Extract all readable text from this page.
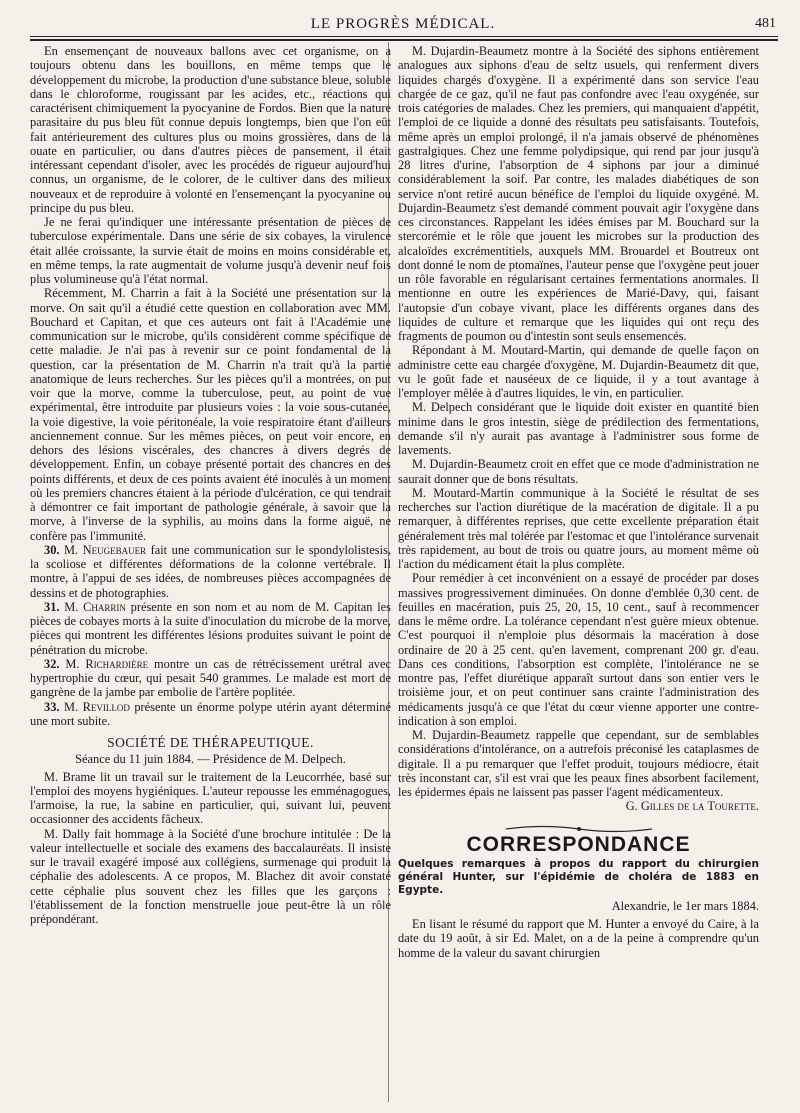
LE PROGRÈS MÉDICAL.	481

En ensemençant de nouveaux ballons avec cet organisme, on a toujours obtenu dans les bouillons, en même temps que le développement du microbe, la production d'une substance bleue, soluble dans le chloroforme, rougissant par les acides, etc., réactions qui caractérisent chimiquement la pyocyanine de Fordos. Bien que la nature parasitaire du pus bleu fût connue depuis longtemps, bien que l'on eût fait antérieurement des cultures plus ou moins grossières, dans de la ouate en particulier, ou dans d'autres pièces de pansement, il était intéressant cependant d'isoler, avec les procédés de rigueur aujourd'hui connus, un organisme, de le colorer, de le cultiver dans des milieux nouveaux et de reproduire à volonté en l'ensemençant la pyocyanine ou principe du pus bleu.

Je ne ferai qu'indiquer une intéressante présentation de pièces de tuberculose expérimentale. Dans une série de six cobayes, la virulence était allée croissante, la survie était de moins en moins considérable et, en même temps, la rate augmentait de volume jusqu'à devenir neuf fois plus volumineuse qu'à l'état normal.

Récemment, M. Charrin a fait à la Société une présentation sur la morve. On sait qu'il a étudié cette question en collaboration avec MM. Bouchard et Capitan, et que ces auteurs ont fait à l'Académie une communication sur le microbe, qu'ils considèrent comme spécifique de cette maladie. Je n'ai pas à revenir sur ce point fondamental de la question, car la présentation de M. Charrin n'a trait qu'à la partie anatomique de leurs recherches. Sur les pièces qu'il a montrées, on put voir que la morve, comme la tuberculose, peut, au point de vue expérimental, être introduite par plusieurs voies : la voie sous-cutanée, la voie digestive, la voie péritonéale, la voie respiratoire étant d'ailleurs anciennement connue. Sur les mêmes pièces, on peut voir encore, en dehors des lésions viscérales, des chancres à divers degrés de développement. Enfin, un cobaye présenté portait des chancres en des points différents, et deux de ces points avaient été inoculés à un moment où les premiers chancres étaient à la période d'ulcération, ce qui tendrait à démontrer ce fait important de pathologie générale, à savoir que la morve, à l'inverse de la syphilis, au moins dans la forme aiguë, ne confère pas l'immunité.

30. M. Neugebauer fait une communication sur le spondylolistesis, la scoliose et différentes déformations de la colonne vertébrale. Il montre, à l'appui de ses idées, de nombreuses pièces accompagnées de dessins et de photographies.

31. M. Charrin présente en son nom et au nom de M. Capitan les pièces de cobayes morts à la suite d'inoculation du microbe de la morve, pièces qui montrent les différentes lésions produites suivant le point de pénétration du microbe.

32. M. Richardière montre un cas de rétrécissement urétral avec hypertrophie du cœur, qui pesait 540 grammes. Le malade est mort de gangrène de la jambe par embolie de l'artère poplitée.

33. M. Revillod présente un énorme polype utérin ayant déterminé une mort subite.

SOCIÉTÉ DE THÉRAPEUTIQUE.
Séance du 11 juin 1884. — Présidence de M. Delpech.

M. Brame lit un travail sur le traitement de la Leucorrhée, basé sur l'emploi des moyens hygiéniques. L'auteur repousse les emménagogues, l'armoise, la rue, la sabine en particulier, qui, suivant lui, peuvent occasionner des accidents fâcheux.

M. Dally fait hommage à la Société d'une brochure intitulée : De la valeur intellectuelle et sociale des examens des baccalauréats. Il insiste sur le travail exagéré imposé aux collégiens, surmenage qui produit la céphalie des adolescents. A ce propos, M. Blachez dit avoir constaté cette céphalie plus souvent chez les filles que les garçons : l'établissement de la fonction menstruelle joue peut-être là un rôle prépondérant.

M. Dujardin-Beaumetz montre à la Société des siphons entièrement analogues aux siphons d'eau de seltz usuels, qui renferment divers liquides chargés d'oxygène. Il a expérimenté dans son service l'eau chargée de ce gaz, qu'il ne faut pas confondre avec l'eau oxygénée, sur trois catégories de malades. Chez les premiers, qui manquaient d'appétit, l'emploi de ce liquide a donné des résultats peu satisfaisants. Toutefois, même après un emploi prolongé, il n'a jamais observé de phénomènes gastralgiques. Chez une femme polydipsique, qui rend par jour jusqu'à 28 litres d'urine, l'absorption de 4 siphons par jour a diminué considérablement la soif. Par contre, les malades diabétiques de son service n'ont retiré aucun bénéfice de l'emploi du liquide oxygéné. M. Dujardin-Beaumetz s'est demandé comment pouvait agir l'oxygène dans ces circonstances. Rappelant les idées émises par M. Bouchard sur la stercorémie et le rôle que jouent les microbes sur la production des alcaloïdes excrémentitiels, auxquels MM. Brouardel et Boutreux ont dont donné le nom de ptomaïnes, l'auteur pense que l'oxygène peut jouer un rôle favorable en régularisant certaines fermentations anormales. Il mentionne en outre les expériences de Marié-Davy, qui, faisant l'autopsie d'un cobaye vivant, place les différents organes dans des liquides de culture et remarque que les liquides qui ont reçu des fragments de poumon ou d'intestin sont seuls ensemencés.

Répondant à M. Moutard-Martin, qui demande de quelle façon on administre cette eau chargée d'oxygène, M. Dujardin-Beaumetz dit que, vu le goût fade et nauséeux de ce liquide, il y a tout avantage à l'employer mêlée à d'autres liquides, le vin, en particulier.

M. Delpech considérant que le liquide doit exister en quantité bien minime dans le gros intestin, siège de prédilection des fermentations, demande s'il n'y aurait pas avantage à l'administrer sous forme de lavements.

M. Dujardin-Beaumetz croit en effet que ce mode d'administration ne saurait donner que de bons résultats.

M. Moutard-Martin communique à la Société le résultat de ses recherches sur l'action diurétique de la macération de digitale. Il a pu remarquer, à différentes reprises, que cette excellente préparation était généralement très mal tolérée par l'estomac et que l'intolérance survenait très rapidement, au bout de trois ou quatre jours, au moment même où l'action du médicament était la plus complète.

Pour remédier à cet inconvénient on a essayé de procéder par doses massives progressivement diminuées. On donne d'emblée 0,30 cent. de feuilles en macération, puis 25, 20, 15, 10 cent., sauf à recommencer dans le même ordre. La tolérance cependant n'est guère mieux obtenue. C'est pourquoi il n'emploie plus désormais la macération à dose ordinaire de 20 à 25 cent. qu'en lavement, comprenant 200 gr. d'eau. Dans ces conditions, l'absorption est complète, l'intolérance ne se montre pas, l'effet diurétique apparaît surtout dans son entier vers le troisième jour, et on peut continuer sans crainte l'administration des médicaments jusqu'à ce que l'état du cœur vienne apporter une contre-indication à son emploi.

M. Dujardin-Beaumetz rappelle que cependant, sur de semblables considérations d'intolérance, on a autrefois préconisé les cataplasmes de digitale. Il a pu remarquer que l'effet produit, toujours médiocre, était très inconstant car, s'il est vrai que les peaux fines absorbent facilement, les épidermes épais ne laissent pas passer l'agent médicamenteux.

G. Gilles de la Tourette.
CORRESPONDANCE

Quelques remarques à propos du rapport du chirurgien général Hunter, sur l'épidémie de choléra de 1883 en Egypte.

Alexandrie, le 1er mars 1884.

En lisant le résumé du rapport que M. Hunter a envoyé du Caire, à la date du 19 août, à sir Ed. Malet, on a de la peine à comprendre qu'un homme de la valeur du savant chirurgien
